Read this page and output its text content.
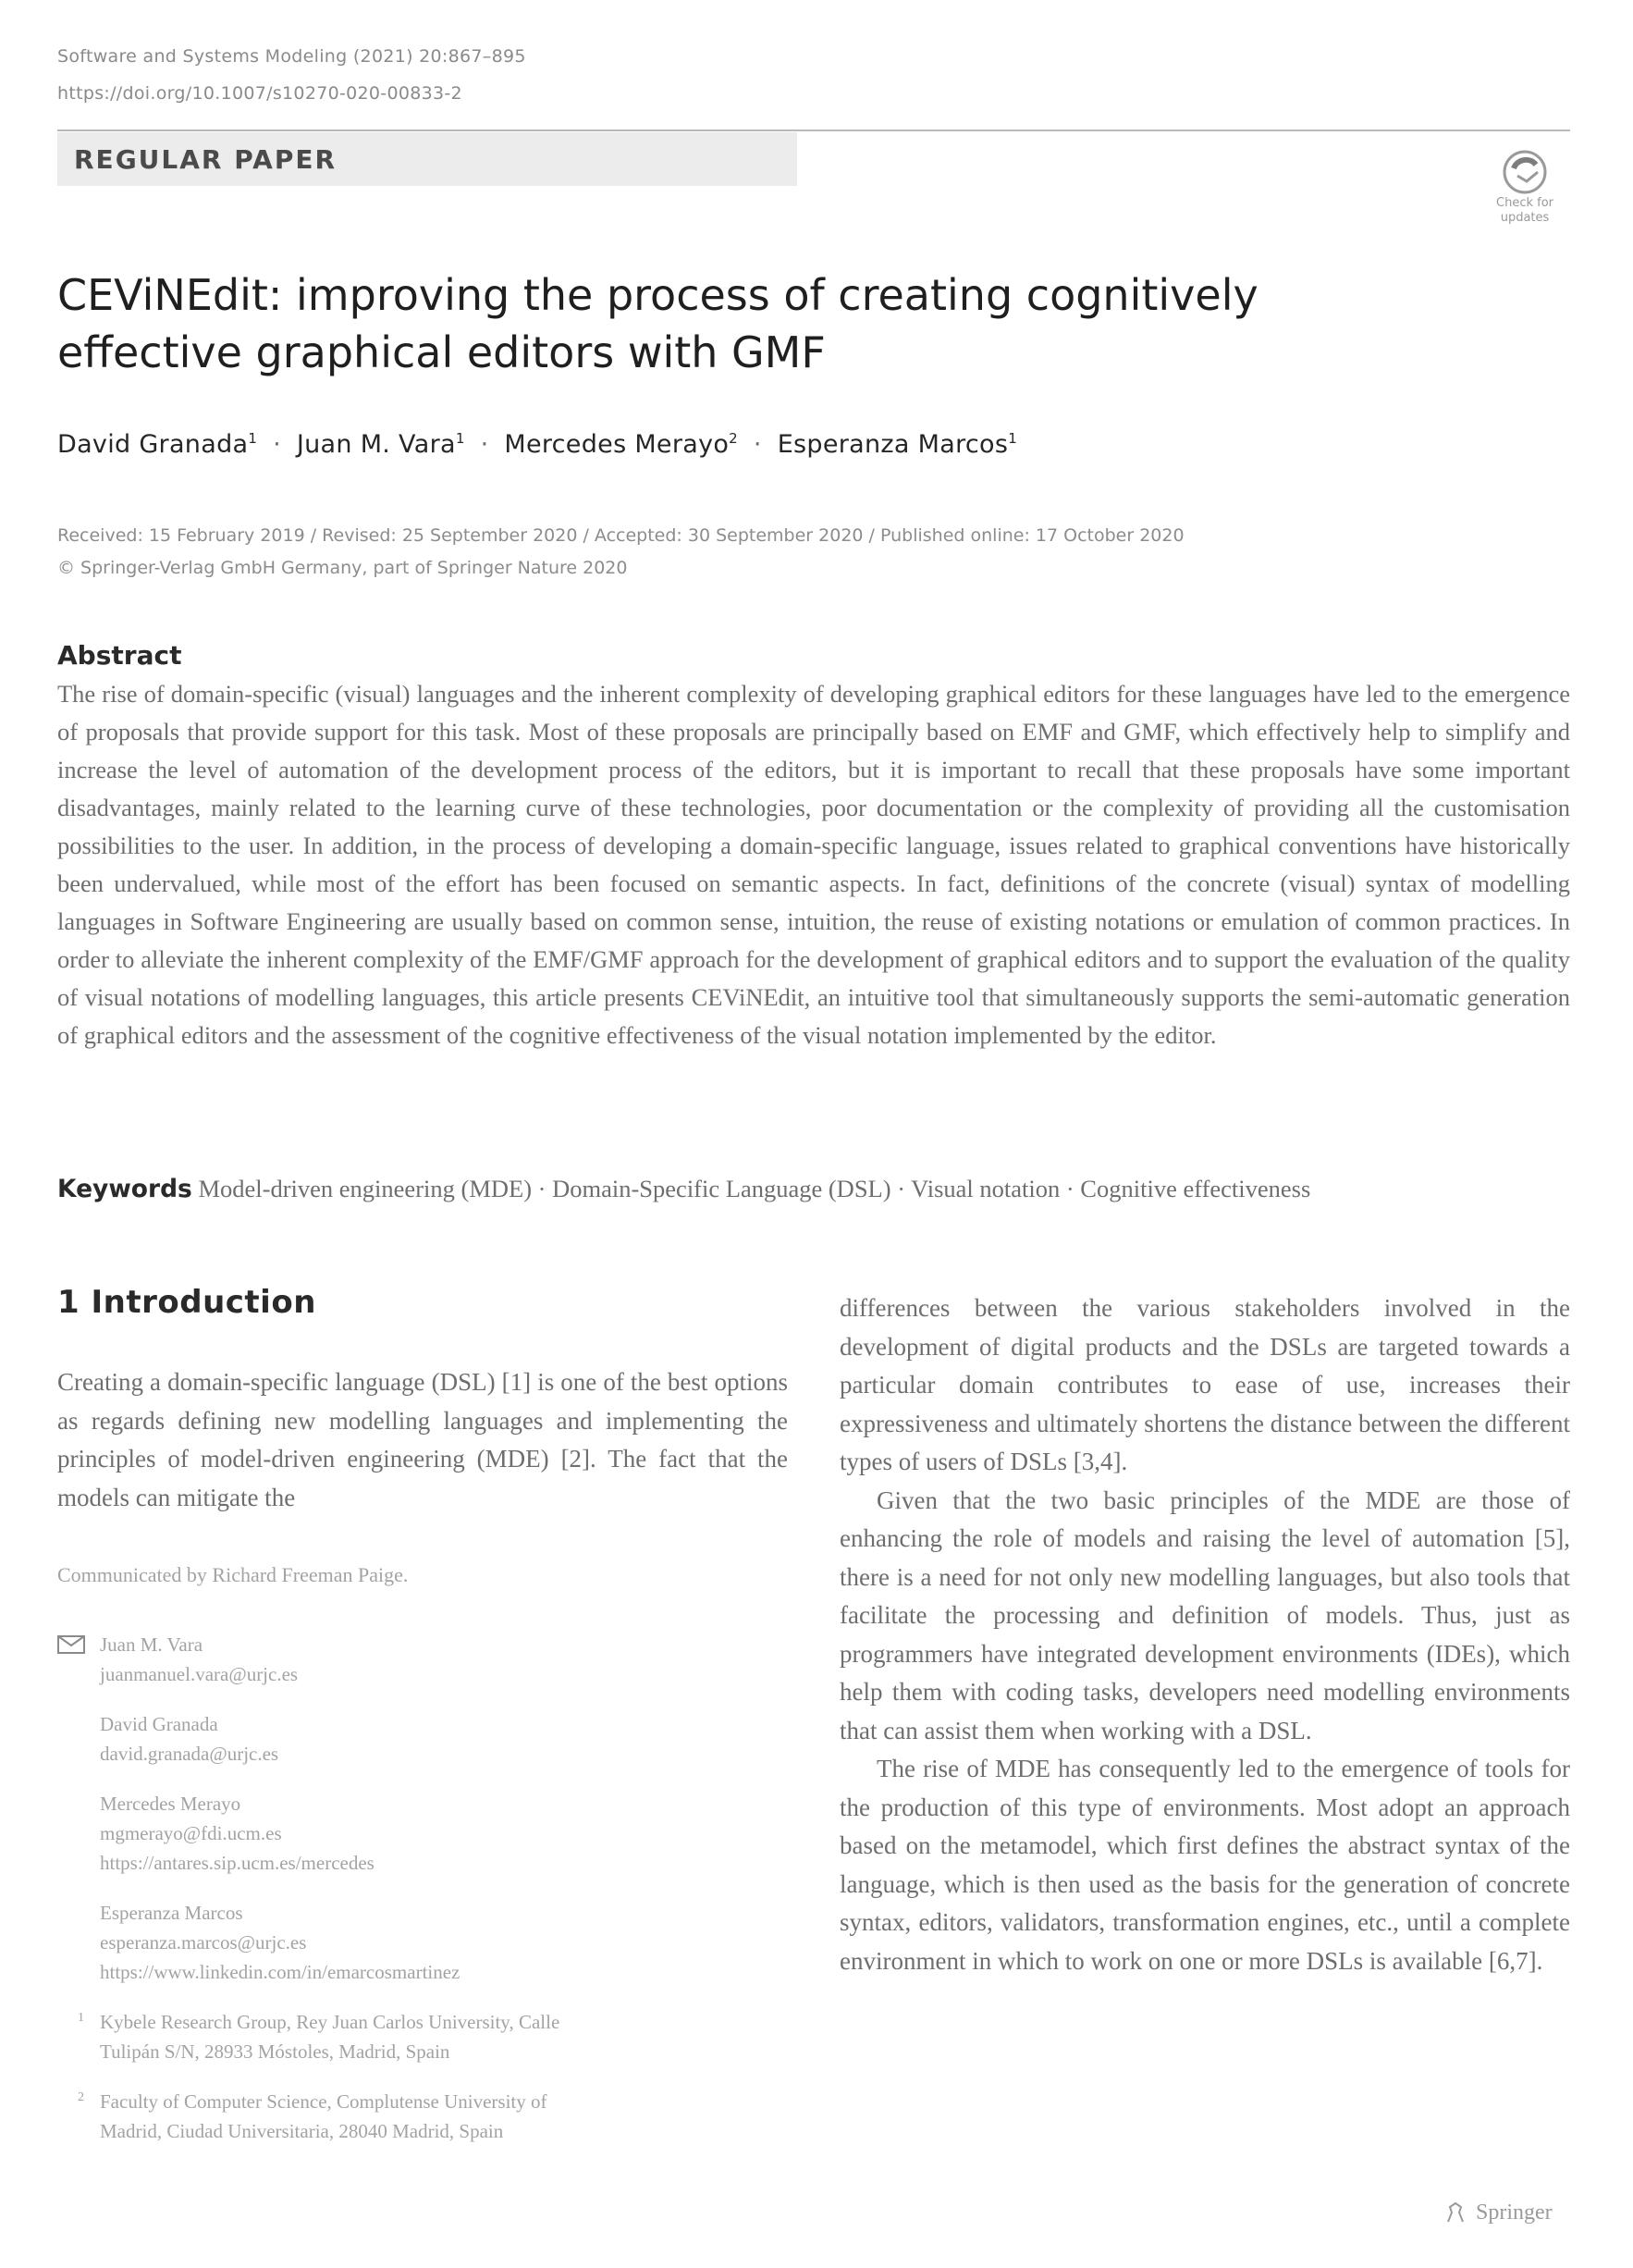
Software and Systems Modeling (2021) 20:867–895
https://doi.org/10.1007/s10270-020-00833-2
REGULAR PAPER
Check for
updates
CEViNEdit: improving the process of creating cognitively effective graphical editors with GMF
David Granada$^1$ · Juan M. Vara$^1$ · Mercedes Merayo$^2$ · Esperanza Marcos$^1$
Received: 15 February 2019 / Revised: 25 September 2020 / Accepted: 30 September 2020 / Published online: 17 October 2020
© Springer-Verlag GmbH Germany, part of Springer Nature 2020
Abstract

The rise of domain-specific (visual) languages and the inherent complexity of developing graphical editors for these languages have led to the emergence of proposals that provide support for this task. Most of these proposals are principally based on EMF and GMF, which effectively help to simplify and increase the level of automation of the development process of the editors, but it is important to recall that these proposals have some important disadvantages, mainly related to the learning curve of these technologies, poor documentation or the complexity of providing all the customisation possibilities to the user. In addition, in the process of developing a domain-specific language, issues related to graphical conventions have historically been undervalued, while most of the effort has been focused on semantic aspects. In fact, definitions of the concrete (visual) syntax of modelling languages in Software Engineering are usually based on common sense, intuition, the reuse of existing notations or emulation of common practices. In order to alleviate the inherent complexity of the EMF/GMF approach for the development of graphical editors and to support the evaluation of the quality of visual notations of modelling languages, this article presents CEViNEdit, an intuitive tool that simultaneously supports the semi-automatic generation of graphical editors and the assessment of the cognitive effectiveness of the visual notation implemented by the editor.

Keywords Model-driven engineering (MDE) · Domain-Specific Language (DSL) · Visual notation · Cognitive effectiveness
1 Introduction

Creating a domain-specific language (DSL) [1] is one of the best options as regards defining new modelling languages and implementing the principles of model-driven engineering (MDE) [2]. The fact that the models can mitigate the

differences between the various stakeholders involved in the development of digital products and the DSLs are targeted towards a particular domain contributes to ease of use, increases their expressiveness and ultimately shortens the distance between the different types of users of DSLs [3,4].
Given that the two basic principles of the MDE are those of enhancing the role of models and raising the level of automation [5], there is a need for not only new modelling languages, but also tools that facilitate the processing and definition of models. Thus, just as programmers have integrated development environments (IDEs), which help them with coding tasks, developers need modelling environments that can assist them when working with a DSL.
The rise of MDE has consequently led to the emergence of tools for the production of this type of environments. Most adopt an approach based on the metamodel, which first defines the abstract syntax of the language, which is then used as the basis for the generation of concrete syntax, editors, validators, transformation engines, etc., until a complete environment in which to work on one or more DSLs is available [6,7].
Communicated by Richard Freeman Paige.
Juan M. Vara
juanmanuel.vara@urjc.es
David Granada
david.granada@urjc.es
Mercedes Merayo
mgmerayo@fdi.ucm.es
https://antares.sip.ucm.es/mercedes
Esperanza Marcos
esperanza.marcos@urjc.es
https://www.linkedin.com/in/emarcosmartinez
1 Kybele Research Group, Rey Juan Carlos University, Calle
Tulipán S/N, 28933 Móstoles, Madrid, Spain
2 Faculty of Computer Science, Complutense University of
Madrid, Ciudad Universitaria, 28040 Madrid, Spain
Springer
